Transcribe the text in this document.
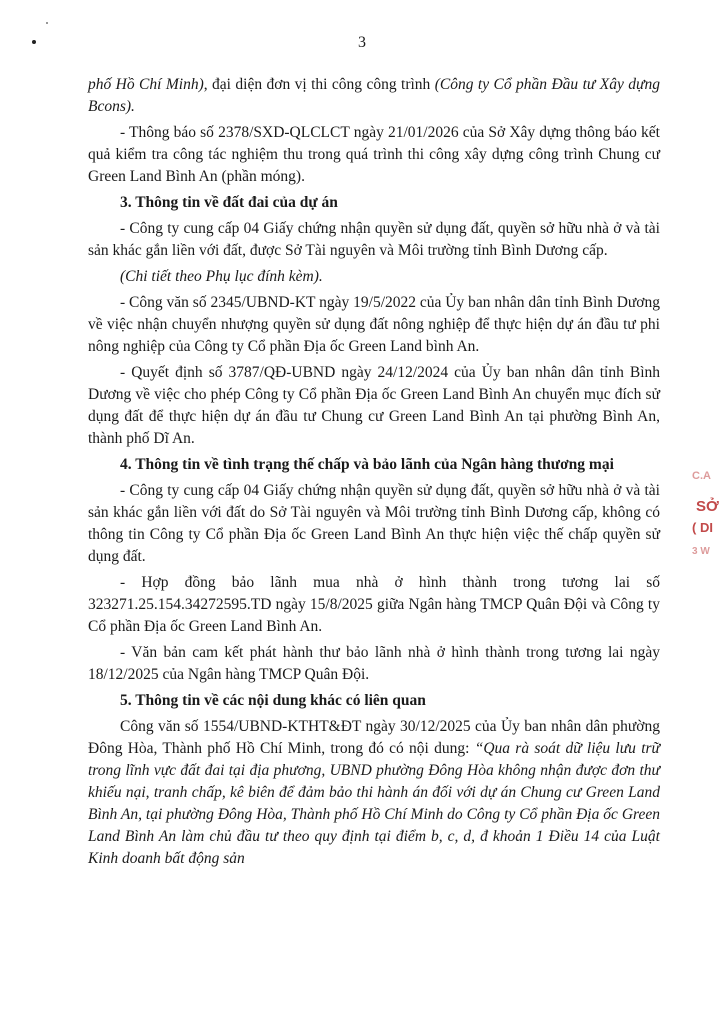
3

phố Hồ Chí Minh), đại diện đơn vị thi công công trình (Công ty Cổ phần Đầu tư Xây dựng Bcons).

- Thông báo số 2378/SXD-QLCLCT ngày 21/01/2026 của Sở Xây dựng thông báo kết quả kiểm tra công tác nghiệm thu trong quá trình thi công xây dựng công trình Chung cư Green Land Bình An (phần móng).

3. Thông tin về đất đai của dự án

- Công ty cung cấp 04 Giấy chứng nhận quyền sử dụng đất, quyền sở hữu nhà ở và tài sản khác gắn liền với đất, được Sở Tài nguyên và Môi trường tỉnh Bình Dương cấp.

(Chi tiết theo Phụ lục đính kèm).

- Công văn số 2345/UBND-KT ngày 19/5/2022 của Ủy ban nhân dân tỉnh Bình Dương về việc nhận chuyển nhượng quyền sử dụng đất nông nghiệp để thực hiện dự án đầu tư phi nông nghiệp của Công ty Cổ phần Địa ốc Green Land bình An.

- Quyết định số 3787/QĐ-UBND ngày 24/12/2024 của Ủy ban nhân dân tỉnh Bình Dương về việc cho phép Công ty Cổ phần Địa ốc Green Land Bình An chuyển mục đích sử dụng đất để thực hiện dự án đầu tư Chung cư Green Land Bình An tại phường Bình An, thành phố Dĩ An.

4. Thông tin về tình trạng thế chấp và bảo lãnh của Ngân hàng thương mại

- Công ty cung cấp 04 Giấy chứng nhận quyền sử dụng đất, quyền sở hữu nhà ở và tài sản khác gắn liền với đất do Sở Tài nguyên và Môi trường tỉnh Bình Dương cấp, không có thông tin Công ty Cổ phần Địa ốc Green Land Bình An thực hiện việc thế chấp quyền sử dụng đất.

- Hợp đồng bảo lãnh mua nhà ở hình thành trong tương lai số 323271.25.154.34272595.TD ngày 15/8/2025 giữa Ngân hàng TMCP Quân Đội và Công ty Cổ phần Địa ốc Green Land Bình An.

- Văn bản cam kết phát hành thư bảo lãnh nhà ở hình thành trong tương lai ngày 18/12/2025 của Ngân hàng TMCP Quân Đội.

5. Thông tin về các nội dung khác có liên quan

Công văn số 1554/UBND-KTHT&ĐT ngày 30/12/2025 của Ủy ban nhân dân phường Đông Hòa, Thành phố Hồ Chí Minh, trong đó có nội dung: “Qua rà soát dữ liệu lưu trữ trong lĩnh vực đất đai tại địa phương, UBND phường Đông Hòa không nhận được đơn thư khiếu nại, tranh chấp, kê biên để đảm bảo thi hành án đối với dự án Chung cư Green Land Bình An, tại phường Đông Hòa, Thành phố Hồ Chí Minh do Công ty Cổ phần Địa ốc Green Land Bình An làm chủ đầu tư theo quy định tại điểm b, c, d, đ khoản 1 Điều 14 của Luật Kinh doanh bất động sản

C.A
SỞ
( DI
3 W
